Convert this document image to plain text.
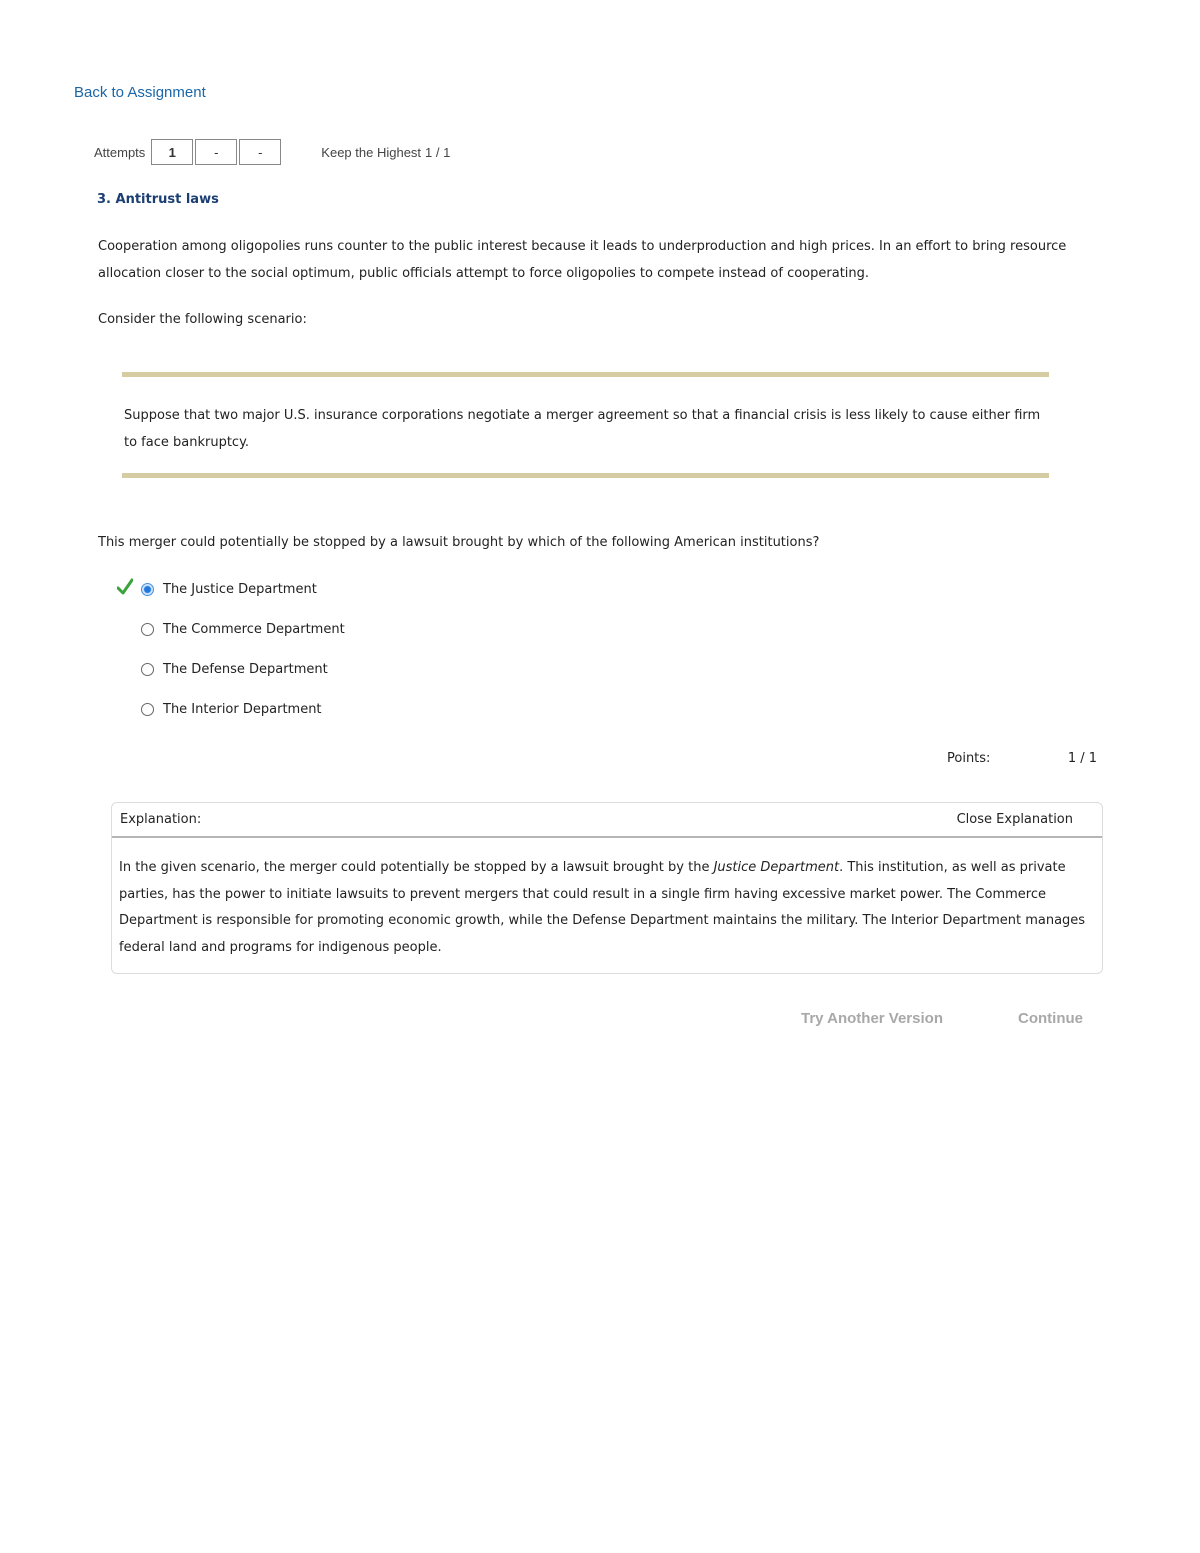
Back to Assignment
Attempts	1	-	-	Keep the Highest 1 / 1
3. Antitrust laws
Cooperation among oligopolies runs counter to the public interest because it leads to underproduction and high prices. In an effort to bring resource allocation closer to the social optimum, public officials attempt to force oligopolies to compete instead of cooperating.
Consider the following scenario:
Suppose that two major U.S. insurance corporations negotiate a merger agreement so that a financial crisis is less likely to cause either firm to face bankruptcy.
This merger could potentially be stopped by a lawsuit brought by which of the following American institutions?
The Justice Department
The Commerce Department
The Defense Department
The Interior Department
Points:	1 / 1
Explanation:	Close Explanation
In the given scenario, the merger could potentially be stopped by a lawsuit brought by the Justice Department. This institution, as well as private parties, has the power to initiate lawsuits to prevent mergers that could result in a single firm having excessive market power. The Commerce Department is responsible for promoting economic growth, while the Defense Department maintains the military. The Interior Department manages federal land and programs for indigenous people.
Try Another Version	Continue
